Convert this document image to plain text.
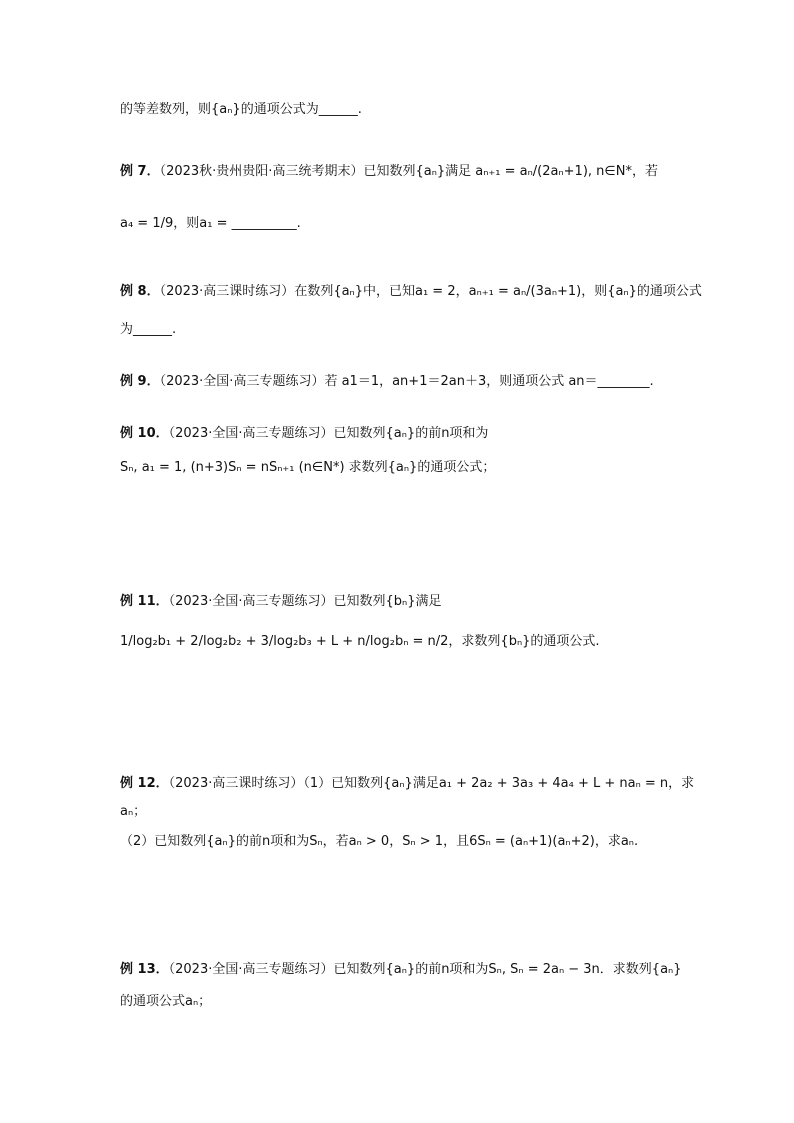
的等差数列，则{aₙ}的通项公式为______.
例 7．（2023秋·贵州贵阳·高三统考期末）已知数列{aₙ}满足 aₙ₊₁ = aₙ/(2aₙ+1), n∈N*，若
a₄ = 1/9，则a₁ = __________.
例 8．（2023·高三课时练习）在数列{aₙ}中，已知a₁ = 2，aₙ₊₁ = aₙ/(3aₙ+1)，则{aₙ}的通项公式
为______.
例 9．（2023·全国·高三专题练习）若 a1＝1，an+1＝2an＋3，则通项公式 an＝________.
例 10．（2023·全国·高三专题练习）已知数列{aₙ}的前n项和为
Sₙ, a₁ = 1, (n+3)Sₙ = nSₙ₊₁ (n∈N*) 求数列{aₙ}的通项公式；
例 11．（2023·全国·高三专题练习）已知数列{bₙ}满足
1/log₂b₁ + 2/log₂b₂ + 3/log₂b₃ + L + n/log₂bₙ = n/2，求数列{bₙ}的通项公式.
例 12．（2023·高三课时练习）（1）已知数列{aₙ}满足a₁ + 2a₂ + 3a₃ + 4a₄ + L + naₙ = n，求
aₙ；
（2）已知数列{aₙ}的前n项和为Sₙ，若aₙ > 0，Sₙ > 1，且6Sₙ = (aₙ+1)(aₙ+2)，求aₙ.
例 13．（2023·全国·高三专题练习）已知数列{aₙ}的前n项和为Sₙ, Sₙ = 2aₙ − 3n．求数列{aₙ}
的通项公式aₙ；
